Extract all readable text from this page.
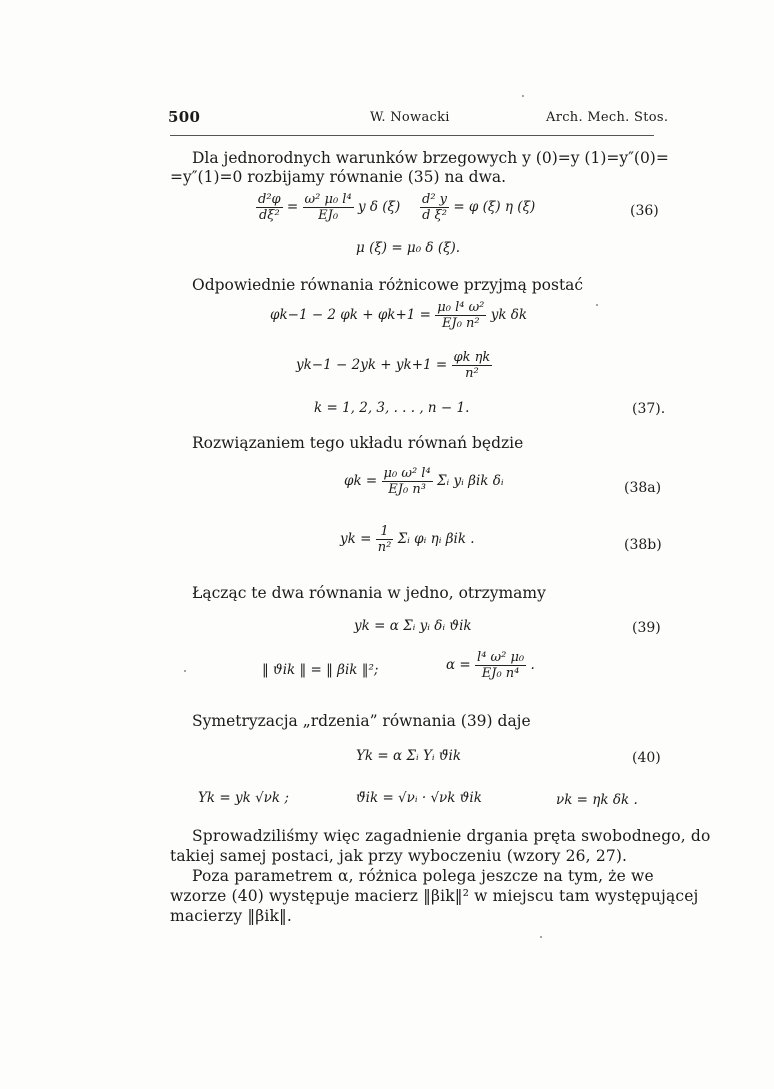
500	W. Nowacki	Arch. Mech. Stos.
Dla jednorodnych warunków brzegowych y (0)=y (1)=y″(0)=
=y″(1)=0 rozbijamy równanie (35) na dwa.
$\frac{\text{d²φ}}{\text{dξ²}} = \frac{\text{ω² μ₀ l⁴}}{\text{EJ₀}}$ y δ $(\xi) \frac{\text{d² y}}{\text{d ξ²}} = \varphi$ (ξ) η (ξ)	(36)
μ (ξ) = μ₀ δ (ξ).
Odpowiednie równania różnicowe przyjmą postać
φk−1 − 2 $\varphi k + \varphi k+1 = \frac{\text{μ₀ l⁴ ω²}}{\text{EJ₀ n²}}$ yk δk
$yk-1 - 2yk + yk+1 = \frac{\text{φk ηk}}{\text{n²}}$
k = 1, 2, 3, . . . , n − 1.	(37).
Rozwiązaniem tego układu równań będzie
$\varphi k = \frac{\text{μ₀ ω² l⁴}}{\text{EJ₀ n³}}$ Σᵢ yᵢ βik δᵢ	(38a)
yk = $\frac{1}{\text{n²}}$ Σᵢ φᵢ ηᵢ βik .	(38b)
Łącząc te dwa równania w jedno, otrzymamy
yk = α Σᵢ yᵢ δᵢ ϑik	(39)
‖ ϑik ‖ = ‖ βik ‖²;	$\alpha = \frac{\text{l⁴ ω² μ₀}}{\text{EJ₀ n⁴}}$ .
Symetryzacja „rdzenia” równania (39) daje
Yk = α Σᵢ Yᵢ ϑ̄ik	(40)
Yk = yk √νk ;	ϑ̄ik = √νᵢ · √νk ϑik	νk = ηk δk .
Sprowadziliśmy więc zagadnienie drgania pręta swobodnego, do
takiej samej postaci, jak przy wyboczeniu (wzory 26, 27).
Poza parametrem α, różnica polega jeszcze na tym, że we
wzorze (40) występuje macierz ‖βik‖² w miejscu tam występującej
macierzy ‖βik‖.
